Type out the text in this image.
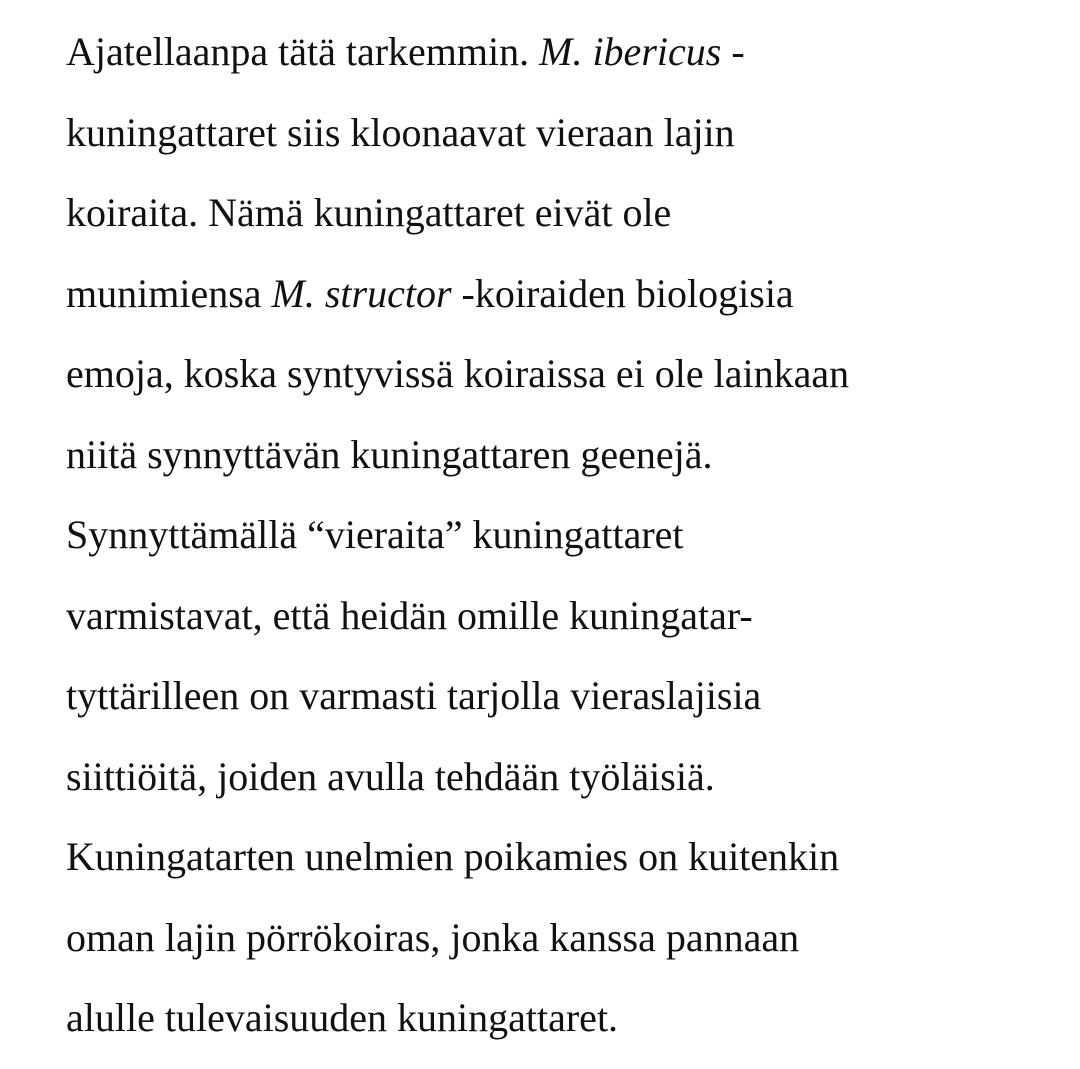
Ajatellaanpa tätä tarkemmin. M. ibericus -
kuningattaret siis kloonaavat vieraan lajin
koiraita. Nämä kuningattaret eivät ole
munimiensa M. structor -koiraiden biologisia
emoja, koska syntyvissä koiraissa ei ole lainkaan
niitä synnyttävän kuningattaren geenejä.
Synnyttämällä “vieraita” kuningattaret
varmistavat, että heidän omille kuningatar-
tyttärilleen on varmasti tarjolla vieraslajisia
siittiöitä, joiden avulla tehdään työläisiä.
Kuningatarten unelmien poikamies on kuitenkin
oman lajin pörrökoiras, jonka kanssa pannaan
alulle tulevaisuuden kuningattaret.
